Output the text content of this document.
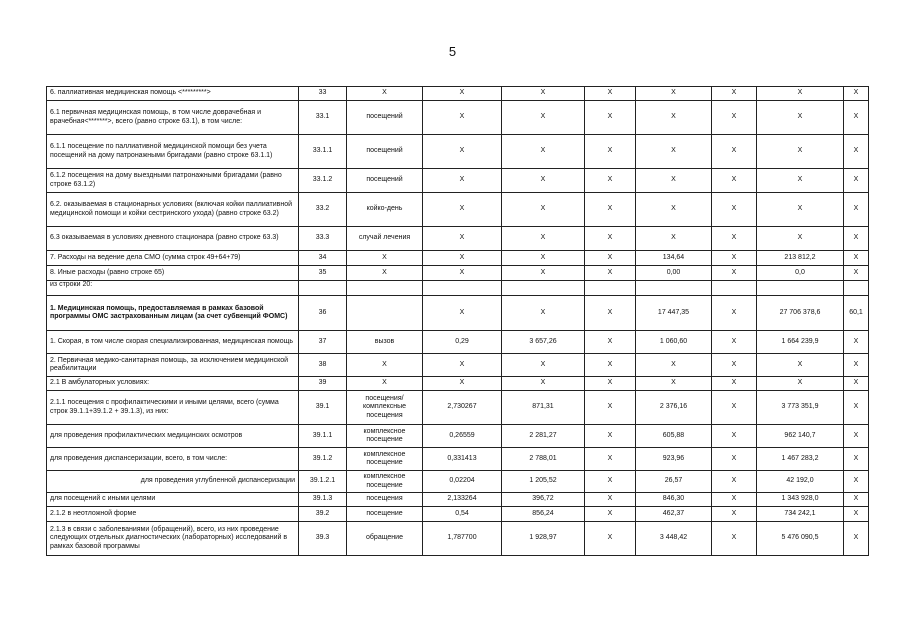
5
6. паллиативная медицинская помощь <*********>	33	X	X	X	X	X	X	X	X
6.1 первичная медицинская помощь, в том числе доврачебная и врачебная<*******>, всего (равно строке 63.1), в том числе:	33.1	посещений	X	X	X	X	X	X	X
6.1.1 посещение по паллиативной медицинской помощи без учета посещений на дому патронажными бригадами (равно строке 63.1.1)	33.1.1	посещений	X	X	X	X	X	X	X
6.1.2 посещения на дому выездными патронажными бригадами (равно строке 63.1.2)	33.1.2	посещений	X	X	X	X	X	X	X
6.2. оказываемая в стационарных условиях (включая койки паллиативной медицинской помощи и койки сестринского ухода) (равно строке 63.2)	33.2	койко-день	X	X	X	X	X	X	X
6.3 оказываемая в условиях дневного стационара (равно строке 63.3)	33.3	случай лечения	X	X	X	X	X	X	X
7. Расходы на ведение дела СМО (сумма строк 49+64+79)	34	X	X	X	X	134,64	X	213 812,2	X
8. Иные расходы (равно строке 65)	35	X	X	X	X	0,00	X	0,0	X
из строки 20:									
1. Медицинская помощь, предоставляемая в рамках базовой программы ОМС застрахованным лицам (за счет субвенций ФОМС)	36		X	X	X	17 447,35	X	27 706 378,6	60,1
1. Скорая, в том числе скорая специализированная, медицинская помощь	37	вызов	0,29	3 657,26	X	1 060,60	X	1 664 239,9	X
2. Первичная медико-санитарная помощь, за исключением медицинской реабилитации	38	X	X	X	X	X	X	X	X
2.1 В амбулаторных условиях:	39	X	X	X	X	X	X	X	X
2.1.1 посещения с профилактическими и иными целями, всего (сумма строк 39.1.1+39.1.2 + 39.1.3), из них:	39.1	посещения/ комплексные посещения	2,730267	871,31	X	2 376,16	X	3 773 351,9	X
для проведения профилактических медицинских осмотров	39.1.1	комплексное посещение	0,26559	2 281,27	X	605,88	X	962 140,7	X
для проведения диспансеризации, всего, в том числе:	39.1.2	комплексное посещение	0,331413	2 788,01	X	923,96	X	1 467 283,2	X
для проведения углубленной диспансеризации	39.1.2.1	комплексное посещение	0,02204	1 205,52	X	26,57	X	42 192,0	X
для посещений с иными целями	39.1.3	посещения	2,133264	396,72	X	846,30	X	1 343 928,0	X
2.1.2 в неотложной форме	39.2	посещение	0,54	856,24	X	462,37	X	734 242,1	X
2.1.3 в связи с заболеваниями (обращений), всего, из них проведение следующих отдельных диагностических (лабораторных) исследований в рамках базовой программы	39.3	обращение	1,787700	1 928,97	X	3 448,42	X	5 476 090,5	X
